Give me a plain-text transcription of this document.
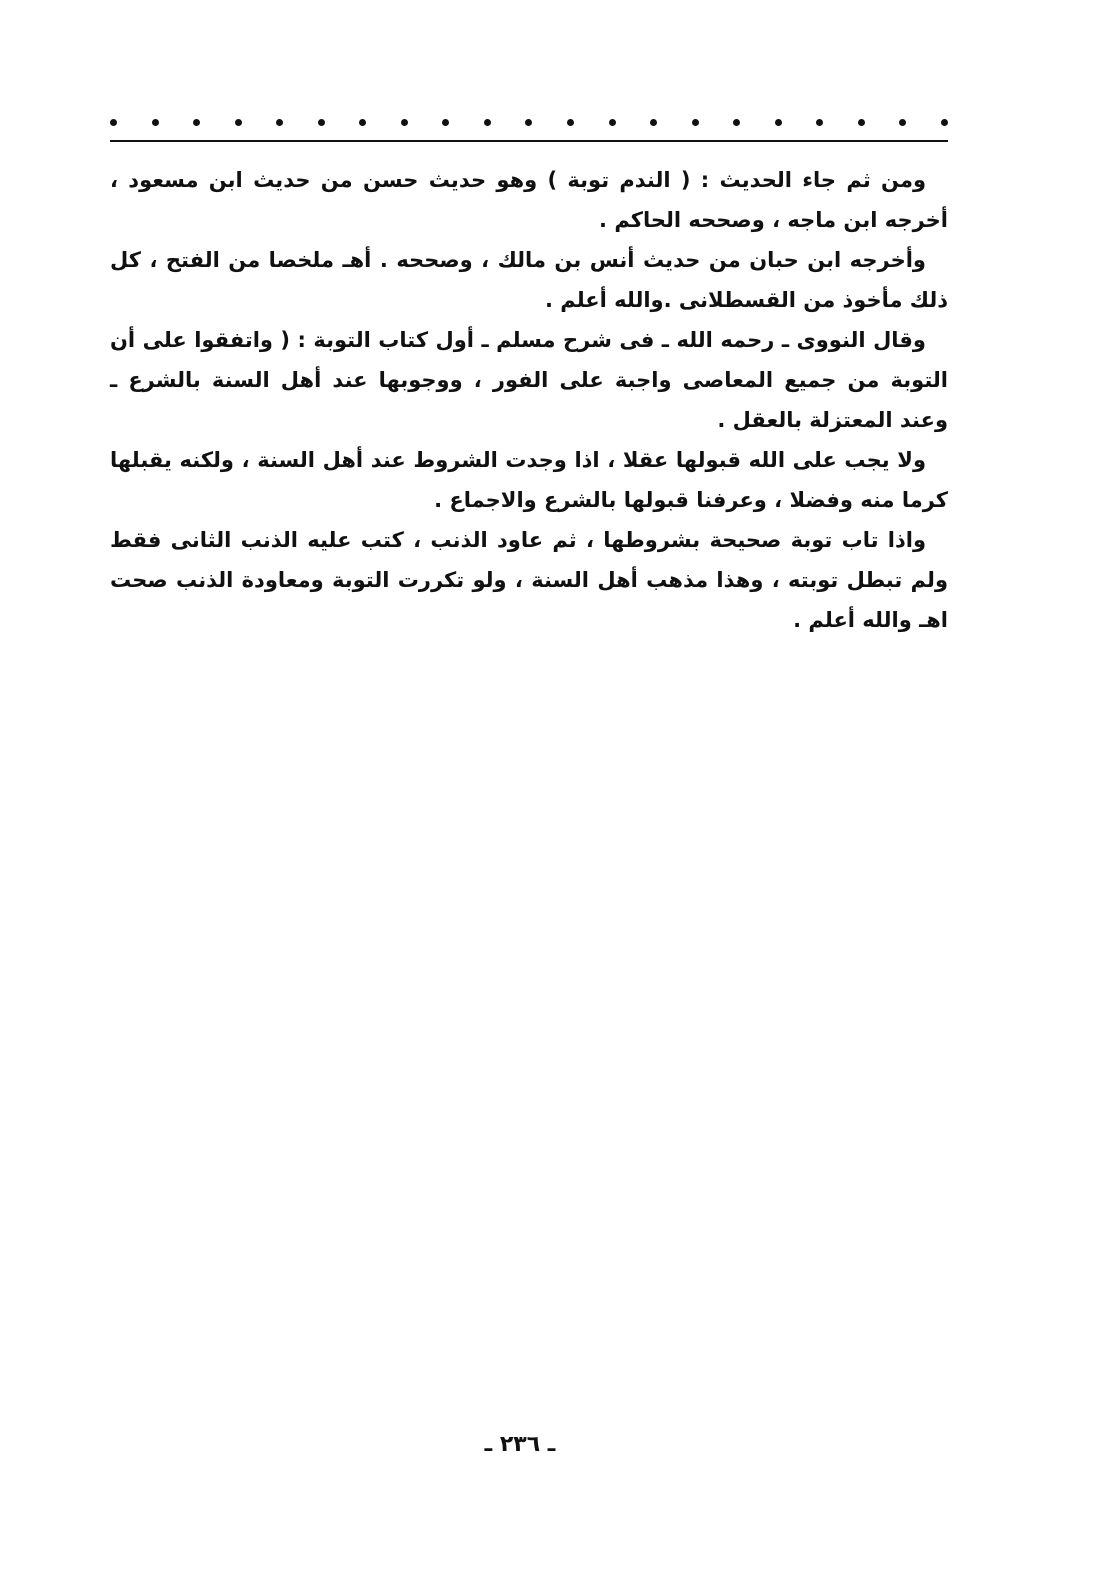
ومن ثم جاء الحديث : ( الندم توبة ) وهو حديث حسن من حديث ابن مسعود ، أخرجه ابن ماجه ، وصححه الحاكم .

وأخرجه ابن حبان من حديث أنس بن مالك ، وصححه . أهـ ملخصا من الفتح ، كل ذلك مأخوذ من القسطلانى .والله أعلم .

وقال النووى ـ رحمه الله ـ فى شرح مسلم ـ أول كتاب التوبة : ( واتفقوا على أن التوبة من جميع المعاصى واجبة على الفور ، ووجوبها عند أهل السنة بالشرع ـ وعند المعتزلة بالعقل .

ولا يجب على الله قبولها عقلا ، اذا وجدت الشروط عند أهل السنة ، ولكنه يقبلها كرما منه وفضلا ، وعرفنا قبولها بالشرع والاجماع .

واذا تاب توبة صحيحة بشروطها ، ثم عاود الذنب ، كتب عليه الذنب الثانى فقط ولم تبطل توبته ، وهذا مذهب أهل السنة ، ولو تكررت التوبة ومعاودة الذنب صحت اهـ والله أعلم .

ـ ٢٣٦ ـ
